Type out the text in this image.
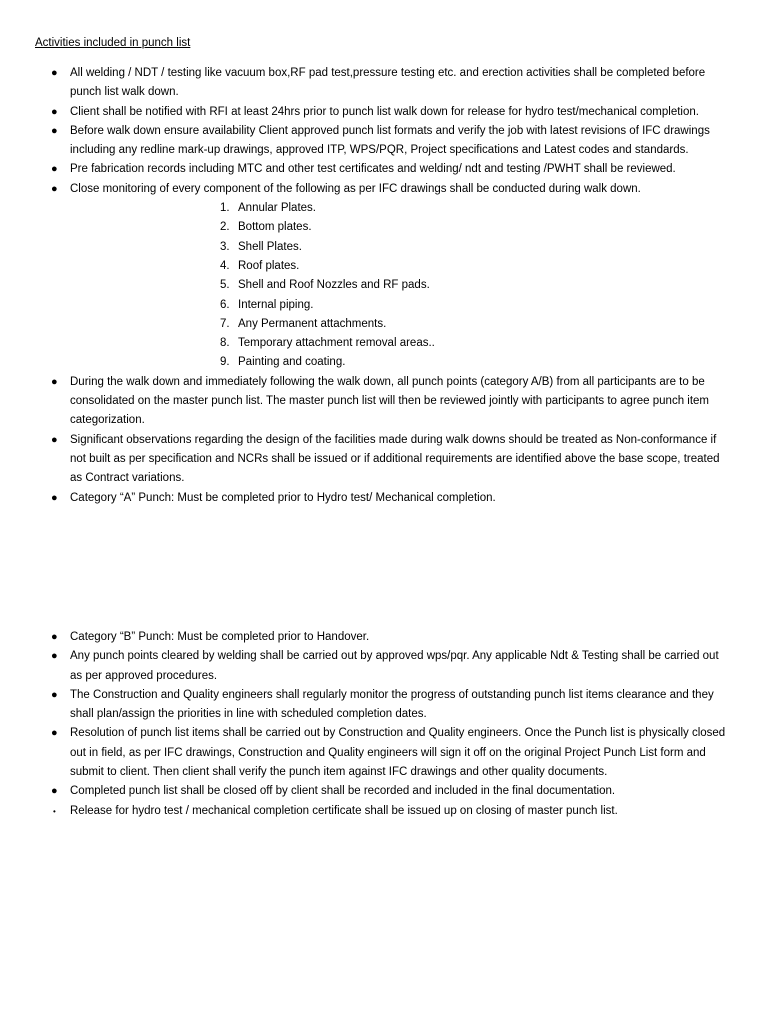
Activities included in punch list
● All welding / NDT / testing like vacuum box,RF pad test,pressure testing etc. and erection activities shall be completed before punch list walk down.
● Client shall be notified with RFI at least 24hrs prior to punch list walk down for release for hydro test/mechanical completion.
● Before walk down ensure availability Client approved punch list formats and verify the job with latest revisions of IFC drawings including any redline mark-up drawings, approved ITP, WPS/PQR, Project specifications and Latest codes and standards.
● Pre fabrication records including MTC and other test certificates and welding/ ndt and testing /PWHT shall be reviewed.
● Close monitoring of every component of the following as per IFC drawings shall be conducted during walk down.
1. Annular Plates.
2. Bottom plates.
3. Shell Plates.
4. Roof plates.
5. Shell and Roof Nozzles and RF pads.
6. Internal piping.
7. Any Permanent attachments.
8. Temporary attachment removal areas..
9. Painting and coating.
● During the walk down and immediately following the walk down, all punch points (category A/B) from all participants are to be consolidated on the master punch list. The master punch list will then be reviewed jointly with participants to agree punch item categorization.
● Significant observations regarding the design of the facilities made during walk downs should be treated as Non-conformance if not built as per specification and NCRs shall be issued or if additional requirements are identified above the base scope, treated as Contract variations.
● Category “A” Punch: Must be completed prior to Hydro test/ Mechanical completion.
● Category “B” Punch: Must be completed prior to Handover.
● Any punch points cleared by welding shall be carried out by approved wps/pqr. Any applicable Ndt & Testing shall be carried out as per approved procedures.
● The Construction and Quality engineers shall regularly monitor the progress of outstanding punch list items clearance and they shall plan/assign the priorities in line with scheduled completion dates.
● Resolution of punch list items shall be carried out by Construction and Quality engineers. Once the Punch list is physically closed out in field, as per IFC drawings, Construction and Quality engineers will sign it off on the original Project Punch List form and submit to client. Then client shall verify the punch item against IFC drawings and other quality documents.
● Completed punch list shall be closed off by client shall be recorded and included in the final documentation.
• Release for hydro test / mechanical completion certificate shall be issued up on closing of master punch list.
